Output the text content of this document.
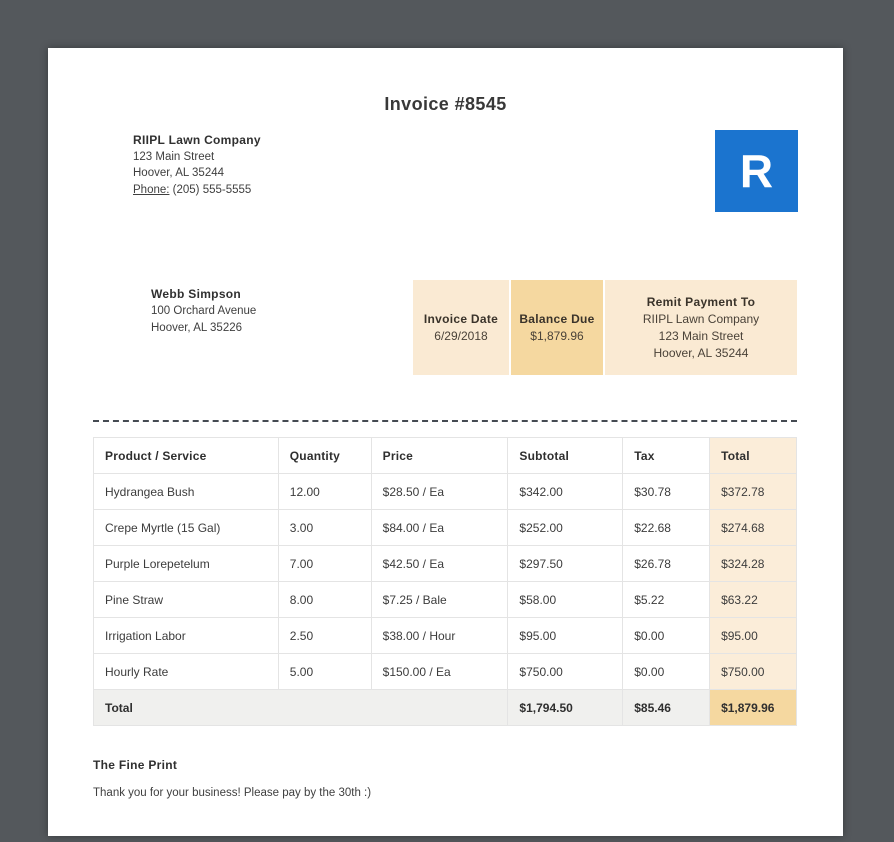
Invoice #8545
RIIPL Lawn Company
123 Main Street
Hoover, AL 35244
Phone: (205) 555-5555	R
Webb Simpson
100 Orchard Avenue
Hoover, AL 35226
Invoice Date
6/29/2018
Balance Due
$1,879.96
Remit Payment To
RIIPL Lawn Company
123 Main Street
Hoover, AL 35244
Product / Service	Quantity	Price	Subtotal	Tax	Total
Hydrangea Bush	12.00	$28.50 / Ea	$342.00	$30.78	$372.78
Crepe Myrtle (15 Gal)	3.00	$84.00 / Ea	$252.00	$22.68	$274.68
Purple Lorepetelum	7.00	$42.50 / Ea	$297.50	$26.78	$324.28
Pine Straw	8.00	$7.25 / Bale	$58.00	$5.22	$63.22
Irrigation Labor	2.50	$38.00 / Hour	$95.00	$0.00	$95.00
Hourly Rate	5.00	$150.00 / Ea	$750.00	$0.00	$750.00
Total			$1,794.50	$85.46	$1,879.96
The Fine Print
Thank you for your business! Please pay by the 30th :)
